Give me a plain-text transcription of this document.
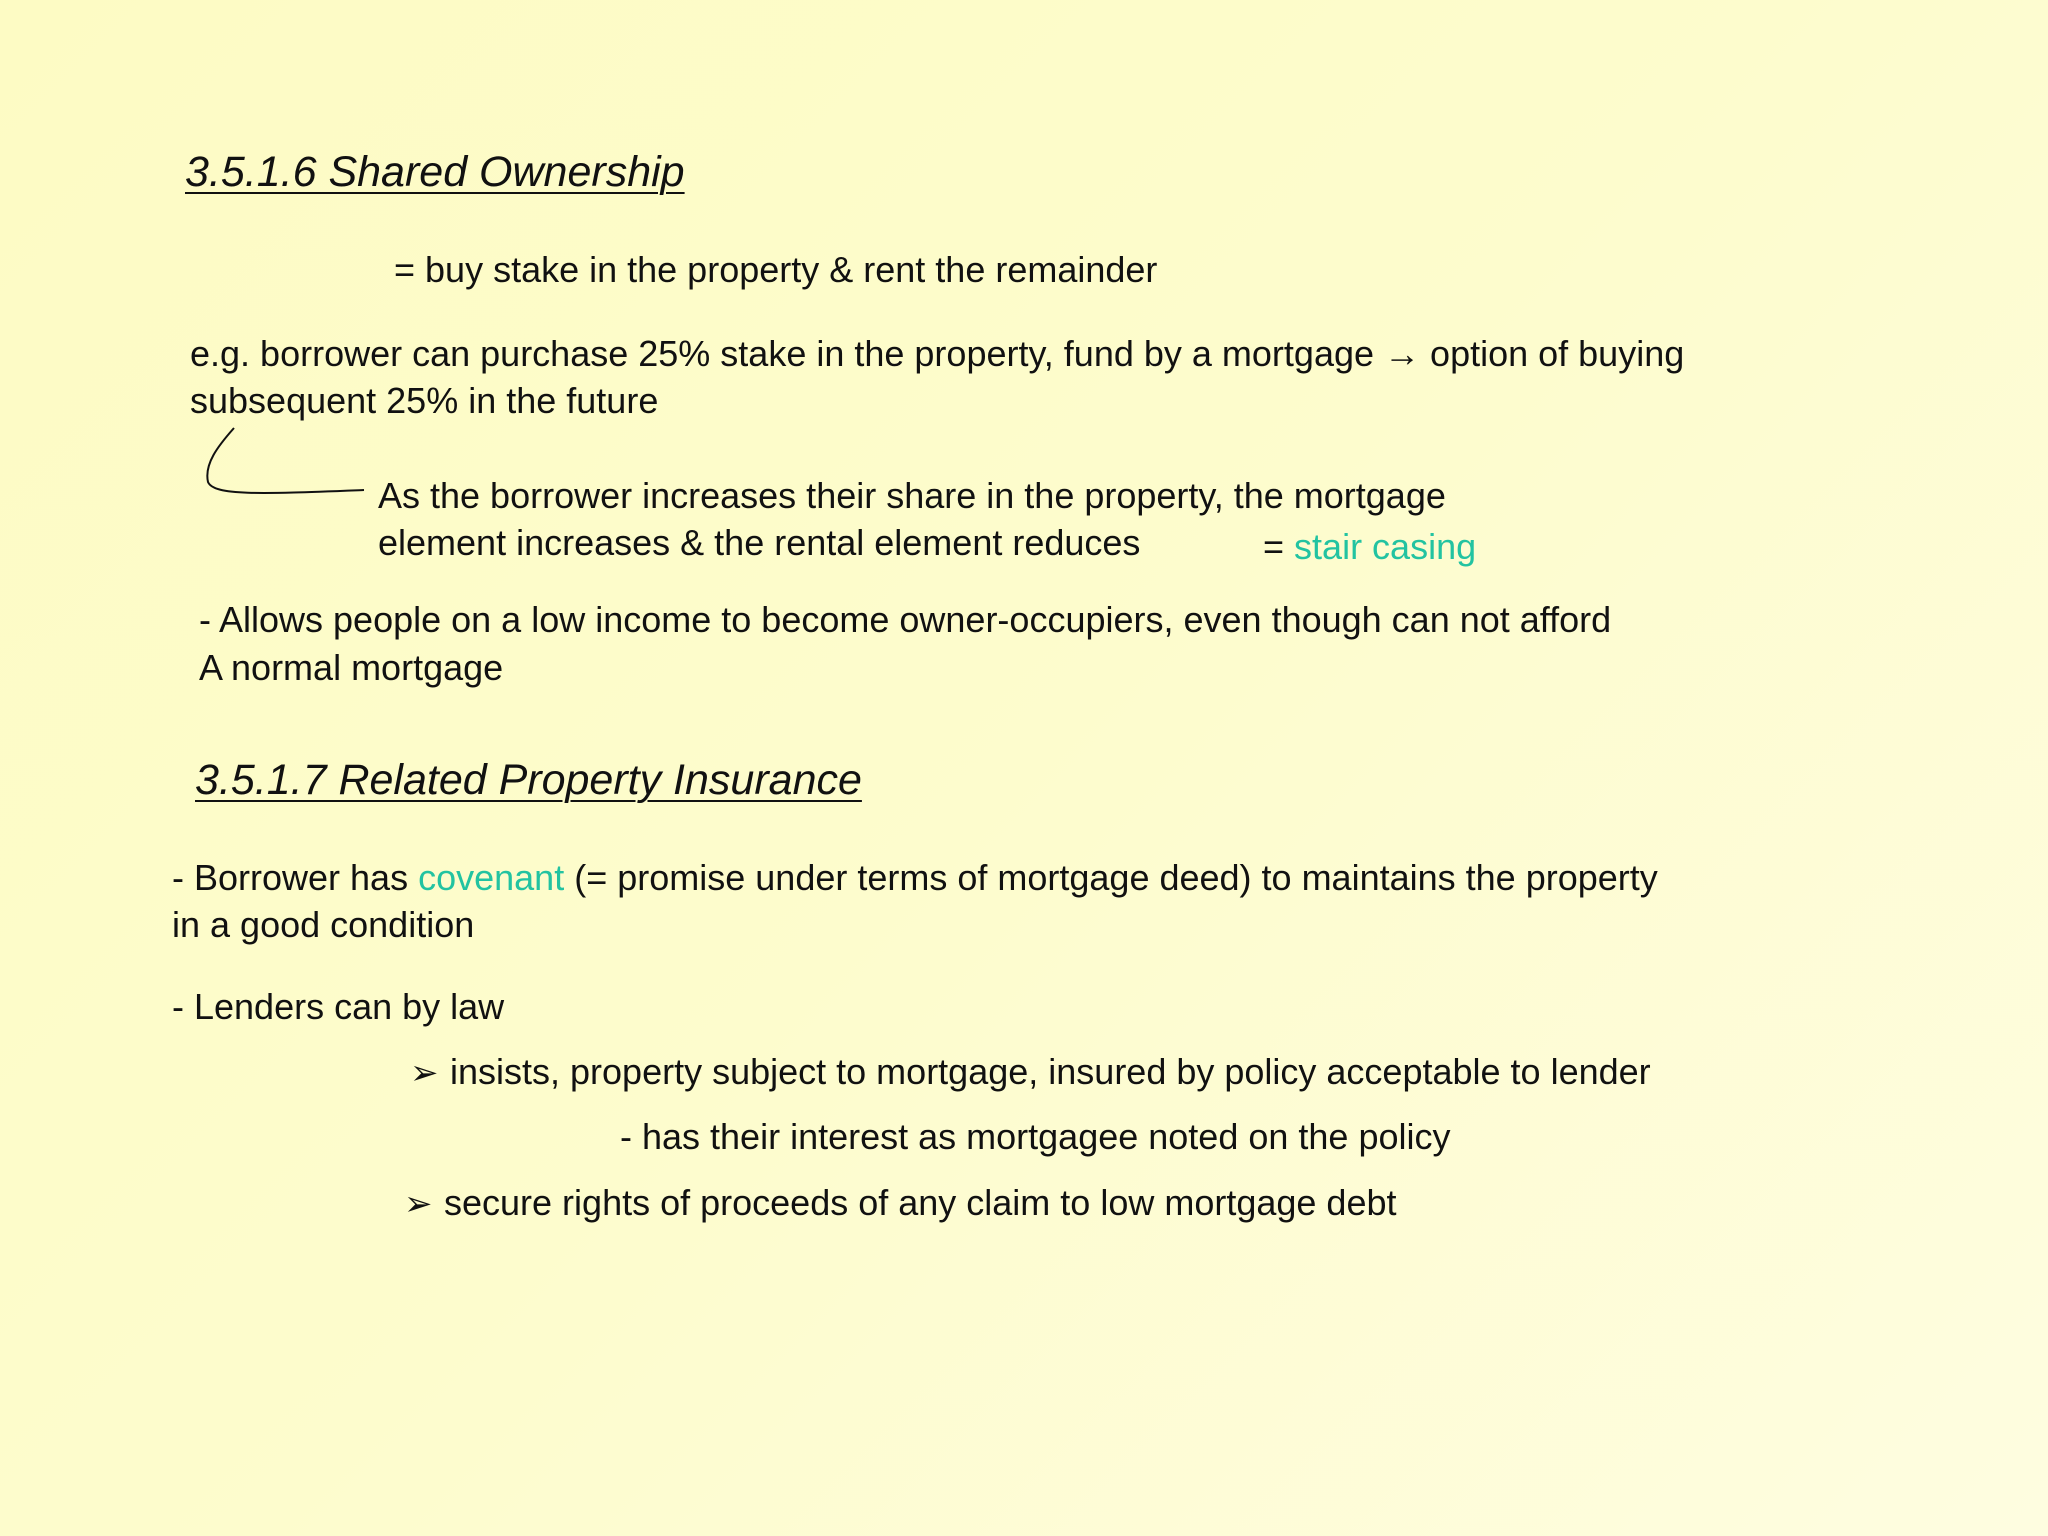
3.5.1.6 Shared Ownership
= buy stake in the property & rent the remainder
e.g. borrower can purchase 25% stake in the property, fund by a mortgage → option of buying
subsequent 25% in the future
As the borrower increases their share in the property, the mortgage
element increases & the rental element reduces	= stair casing
- Allows people on a low income to become owner-occupiers, even though can not afford
A normal mortgage
3.5.1.7 Related Property Insurance
- Borrower has covenant (= promise under terms of mortgage deed) to maintains the property
in a good condition
- Lenders can by law
➢ insists, property subject to mortgage, insured by policy acceptable to lender
- has their interest as mortgagee noted on the policy
➢ secure rights of proceeds of any claim to low mortgage debt
